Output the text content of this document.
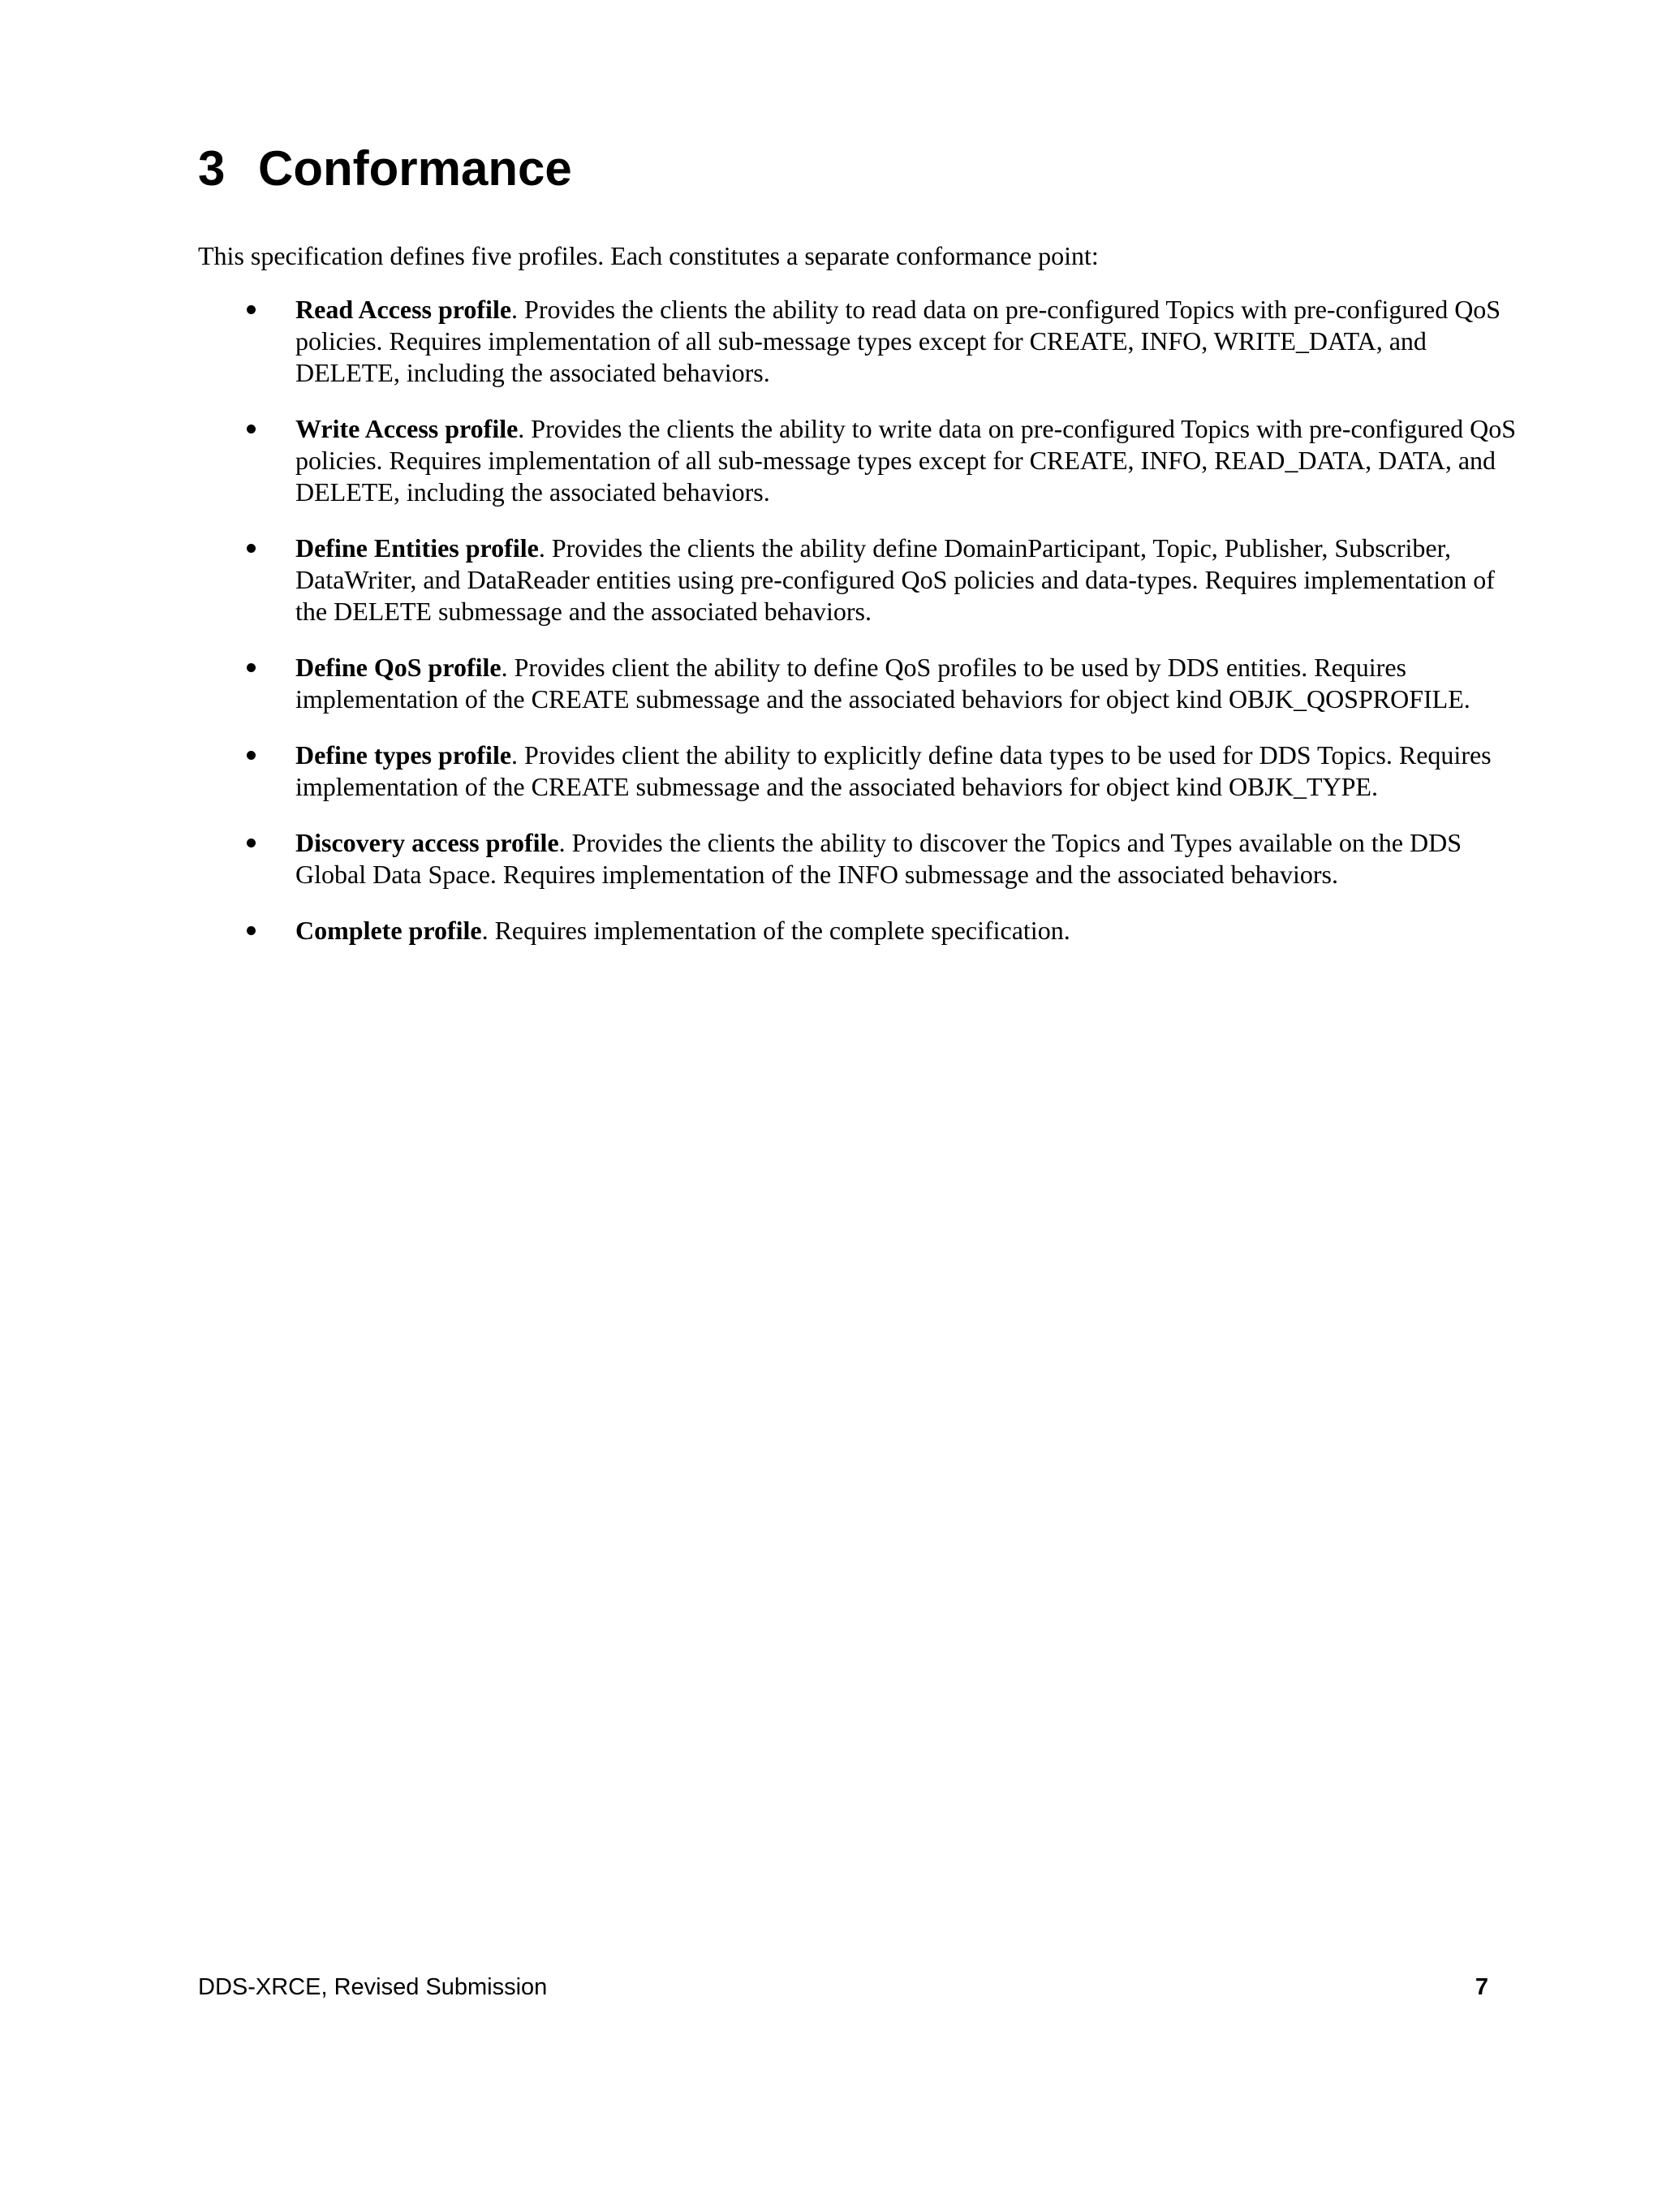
3 Conformance

This specification defines five profiles. Each constitutes a separate conformance point:

Read Access profile. Provides the clients the ability to read data on pre-configured Topics with pre-configured QoS policies. Requires implementation of all sub-message types except for CREATE, INFO, WRITE_DATA, and DELETE, including the associated behaviors.
Write Access profile. Provides the clients the ability to write data on pre-configured Topics with pre-configured QoS policies. Requires implementation of all sub-message types except for CREATE, INFO, READ_DATA, DATA, and DELETE, including the associated behaviors.
Define Entities profile. Provides the clients the ability define DomainParticipant, Topic, Publisher, Subscriber, DataWriter, and DataReader entities using pre-configured QoS policies and data-types. Requires implementation of the DELETE submessage and the associated behaviors.
Define QoS profile. Provides client the ability to define QoS profiles to be used by DDS entities. Requires implementation of the CREATE submessage and the associated behaviors for object kind OBJK_QOSPROFILE.
Define types profile. Provides client the ability to explicitly define data types to be used for DDS Topics. Requires implementation of the CREATE submessage and the associated behaviors for object kind OBJK_TYPE.
Discovery access profile. Provides the clients the ability to discover the Topics and Types available on the DDS Global Data Space. Requires implementation of the INFO submessage and the associated behaviors.
Complete profile. Requires implementation of the complete specification.
DDS-XRCE, Revised Submission	7
